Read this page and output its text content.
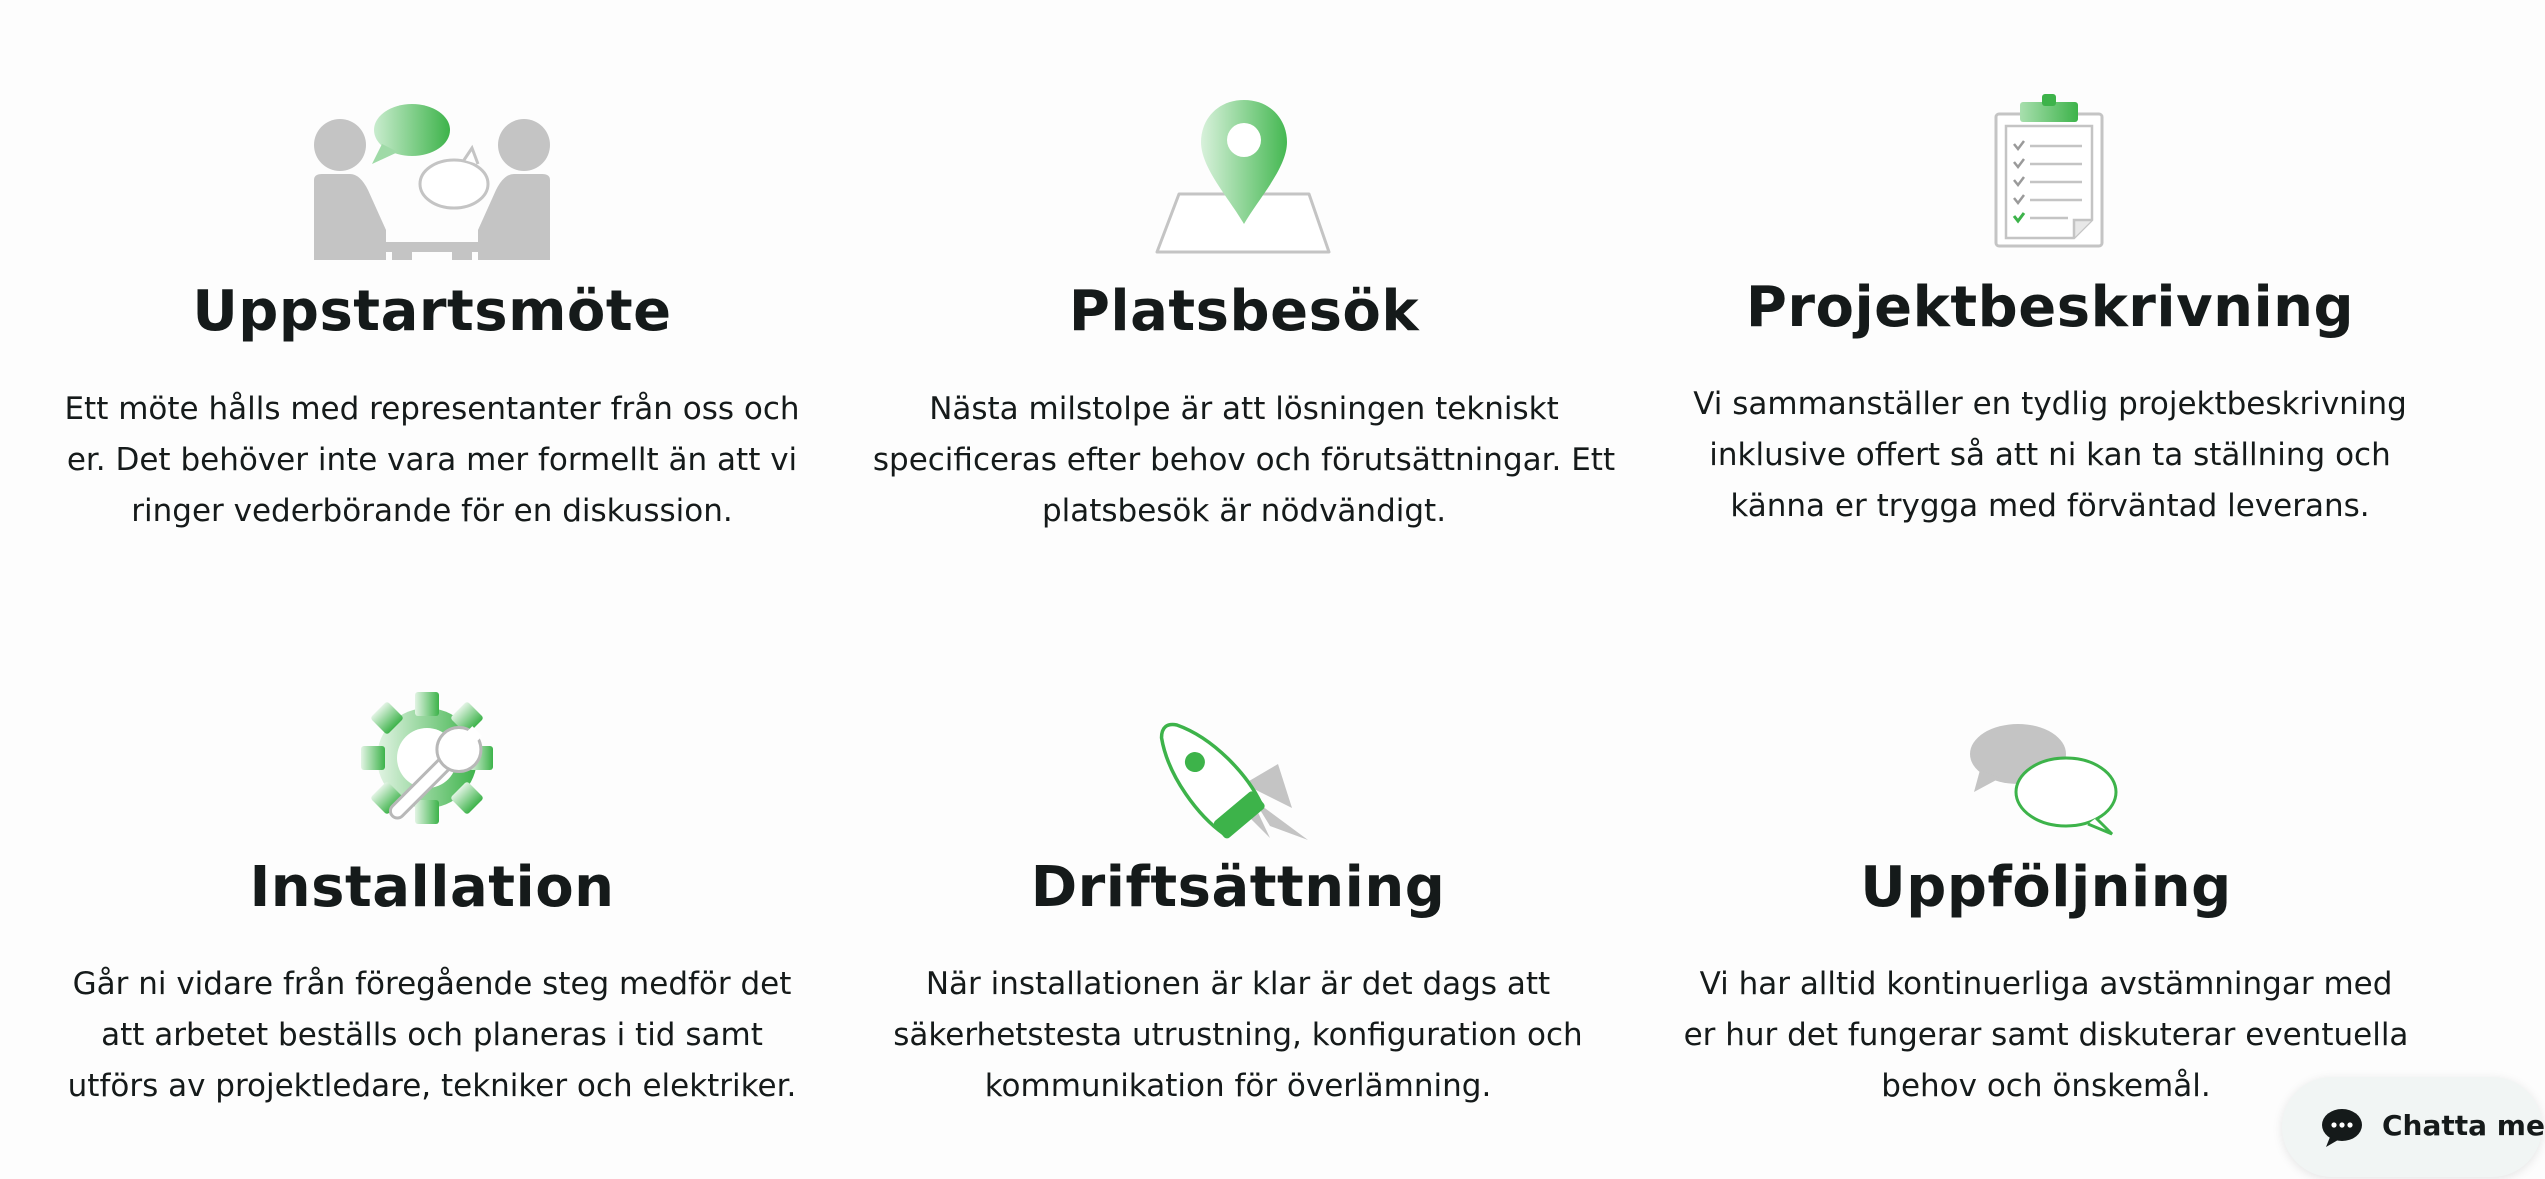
Uppstartsmöte
Ett möte hålls med representanter från oss och
er. Det behöver inte vara mer formellt än att vi
ringer vederbörande för en diskussion.
Platsbesök
Nästa milstolpe är att lösningen tekniskt
specificeras efter behov och förutsättningar. Ett
platsbesök är nödvändigt.
Projektbeskrivning
Vi sammanställer en tydlig projektbeskrivning
inklusive offert så att ni kan ta ställning och
känna er trygga med förväntad leverans.
Installation
Går ni vidare från föregående steg medför det
att arbetet beställs och planeras i tid samt
utförs av projektledare, tekniker och elektriker.
Driftsättning
När installationen är klar är det dags att
säkerhetstesta utrustning, konfiguration och
kommunikation för överlämning.
Uppföljning
Vi har alltid kontinuerliga avstämningar med
er hur det fungerar samt diskuterar eventuella
behov och önskemål.
Chatta me
